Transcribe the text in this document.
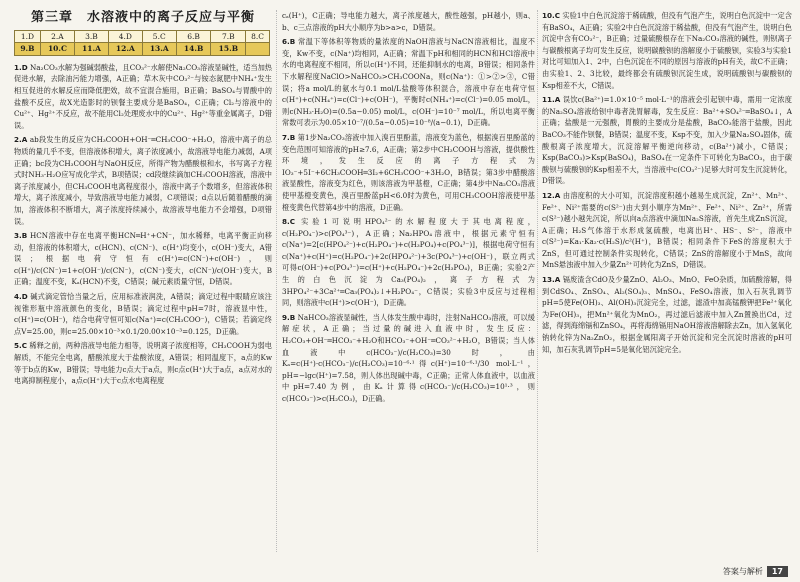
第三章　水溶液中的离子反应与平衡
1.D	2.A	3.B	4.D	5.C	6.B	7.B	8.C
9.B	10.C	11.A	12.A	13.A	14.B	15.B	
1.D Na₂CO₃水解为强碱弱酸盐，且CO₃²⁻水解使Na₂CO₃溶液显碱性，适当加热促进水解，去除油污能力增强，A正确；草木灰中CO₃²⁻与铵态氮肥中NH₄⁺发生相互促进的水解反应而降低肥效，故不宜混合施用，B正确；BaSO₄与胃酸中的盐酸不反应，故X光造影时的钡餐主要成分是BaSO₄，C正确；Cl₂与溶液中的Cu²⁺、Hg²⁺不反应，故不能用Cl₂处理废水中的Cu²⁺、Hg²⁺等重金属离子，D错误。
2.A ab段发生的反应为CH₃COOH+OH⁻═CH₃COO⁻+H₂O，溶液中离子的总物质的量几乎不变，但溶液体积增大，离子浓度减小，故溶液导电能力减弱，A项正确；bc段为CH₃COOH与NaOH反应，所得产物为醋酸根和水，书写离子方程式时NH₃·H₂O应写成化学式，B项错误；cd段继续滴加CH₃COOH溶液，溶液中离子浓度减小，但CH₃COOH电离程度很小，溶液中离子个数增多，但溶液体积增大，离子浓度减小，导致溶液导电能力减弱，C项错误；d点以后随着醋酸的滴加，溶液体积不断增大，离子浓度持续减小，故溶液导电能力不会增强，D项错误。
3.B HCN溶液中存在电离平衡HCN═H⁺+CN⁻，加水稀释，电离平衡正向移动，但溶液的体积增大，c(HCN)、c(CN⁻)、c(H⁺)均变小，c(OH⁻)变大，A错误；根据电荷守恒有c(H⁺)=c(CN⁻)+c(OH⁻)，则c(H⁺)/c(CN⁻)=1+c(OH⁻)/c(CN⁻)，c(CN⁻)变大，c(CN⁻)/c(OH⁻)变大，B正确；温度不变，Kₐ(HCN)不变，C错误；碱元素质量守恒，D错误。
4.D 碱式滴定管恰当量之后，应用标准液润洗，A错误；滴定过程中眼睛应该注视锥形瓶中溶液颜色的变化，B错误；滴定过程中pH=7时，溶液显中性，c(H⁺)=c(OH⁻)，结合电荷守恒可知c(Na⁺)=c(CH₃COO⁻)，C错误；若滴定终点V=25.00，则c=25.00×10⁻³×0.1/20.00×10⁻³=0.125，D正确。
5.C 稀释之前，两种溶液导电能力相等，说明离子浓度相等，CH₃COOH为弱电解质，不能完全电离，醋酸浓度大于盐酸浓度，A错误；相同温度下，a点的Kw等于b点的Kw，B错误；导电能力c点大于a点，则c点c(H⁺)大于a点，a点对水的电离抑制程度小，a点c(H⁺)大于c点水电离程度
cₐ(H⁺)，C正确；导电能力越大，离子浓度越大，酸性越强，pH越小，则a、b、c三点溶液的pH大小顺序为b>a>c，D错误。
6.B 常温下等体积等物质的量浓度的NaOH溶液与NaCN溶液相比，温度不变，Kw不变，c(Na⁺)均相同，A正确；常温下pH和相同的HCN和HCl溶液中水的电离程度不相同，所以c(H⁺)不同，还能抑制水的电离，B错误；相同条件下水解程度NaClO>NaHCO₃>CH₃COONa，则c(Na⁺)：①>②>③，C错误；将a mol/L的氨水与0.1 mol/L盐酸等体积混合，溶液中存在电荷守恒c(H⁺)+c(NH₄⁺)=c(Cl⁻)+c(OH⁻)，平衡时c(NH₄⁺)=c(Cl⁻)=0.05 mol/L，则c(NH₃·H₂O)=(0.5a−0.05) mol/L，c(OH⁻)=10⁻⁷ mol/L，所以电离平衡常数可表示为0.05×10⁻⁷/(0.5a−0.05)=10⁻⁸/(a−0.1)，D正确。
7.B 第1步Na₂CO₃溶液中加入溴百里酚蓝，溶液变为蓝色，根据溴百里酚蓝的变色范围可知溶液的pH≥7.6，A正确；第2步中CH₃COOH与溶液，提供酸性环境，发生反应的离子方程式为IO₃⁻+5I⁻+6CH₃COOH═3I₂+6CH₃COO⁻+3H₂O，B错误；第3步中醋酸溶液显酸性，溶液变为红色，则该溶液为甲基橙，C正确；第4步中Na₂CO₃溶液使甲基橙变黄色，溴百里酚蓝pH<6.0时为黄色，可用CH₃COOH溶液使甲基橙变黄色代替第4步中的溶液，D正确。
8.C 实验1可说明HPO₄²⁻的水解程度大于其电离程度，c(H₂PO₄⁻)>c(PO₄³⁻)，A正确；Na₂HPO₄溶液中，根据元素守恒有c(Na⁺)=2[c(HPO₄²⁻)+c(H₂PO₄⁻)+c(H₃PO₄)+c(PO₄³⁻)]，根据电荷守恒有c(Na⁺)+c(H⁺)=c(H₂PO₄⁻)+2c(HPO₄²⁻)+3c(PO₄³⁻)+c(OH⁻)，联立两式可得c(OH⁻)+c(PO₄³⁻)=c(H⁺)+c(H₂PO₄⁻)+2c(H₃PO₄)，B正确；实验2产生的白色沉淀为Ca₃(PO₄)₂，离子方程式为3HPO₄²⁻+3Ca²⁺═Ca₃(PO₄)₂↓+H₂PO₄⁻，C错误；实验3中反应与过程相同，则溶液中c(H⁺)>c(OH⁻)，D正确。
9.B NaHCO₃溶液显碱性，当人体发生酸中毒时，注射NaHCO₃溶液，可以缓解症状，A正确；当过量的碱进入血液中时，发生反应：H₂CO₃+OH⁻═HCO₃⁻+H₂O和HCO₃⁻+OH⁻═CO₃²⁻+H₂O，B错误；当人体血液中c(HCO₃⁻)/c(H₂CO₃)=30时，由Kₐ=c(H⁺)·c(HCO₃⁻)/c(H₂CO₃)=10⁻⁶·¹得c(H⁺)=10⁻⁶·¹/30 mol·L⁻¹，pH=−lgc(H⁺)=7.58，则人体出现碱中毒，C正确；正常人体血液中，以血液中pH=7.40为例，由Kₐ计算得c(HCO₃⁻)/c(H₂CO₃)=10¹·³，则c(HCO₃⁻)>c(H₂CO₃)，D正确。
10.C 实验1中白色沉淀溶于稀硫酸，但没有气泡产生，说明白色沉淀中一定含有BaSO₄，A正确；实验2中白色沉淀溶于稀盐酸，但没有气泡产生，说明白色沉淀中含有CO₃²⁻，B正确；过量硫酸根存在下Na₂CO₃溶液的碱性，则钡离子与碳酸根离子均可发生反应，说明碳酸钡的溶解度小于硫酸钡，实验3与实验1对比可知加入1、2中，白色沉淀在不同的原因与溶液的pH有关，故C不正确；由实验1、2、3比较，最终都会有硫酸钡沉淀生成，说明硫酸钡与碳酸钡的Ksp相差不大，C错误。
11.A 误饮c(Ba²⁺)=1.0×10⁻⁵ mol·L⁻¹的溶液会引起钡中毒，需用一定浓度的Na₂SO₄溶液给钡中毒者洗胃解毒，发生反应：Ba²⁺+SO₄²⁻═BaSO₄↓，A正确；盐酸是一元强酸，胃酸的主要成分是盐酸，BaCO₃能溶于盐酸，因此BaCO₃不能作钡餐，B错误；温度不变，Ksp不变，加入少量Na₂SO₄固体，硫酸根离子浓度增大，沉淀溶解平衡逆向移动，c(Ba²⁺)减小，C错误；Ksp(BaCO₃)>Ksp(BaSO₄)，BaSO₄在一定条件下可转化为BaCO₃，由于碳酸钡与硫酸钡的Ksp相差不大，当溶液中c(CO₃²⁻)足够大时可发生沉淀转化，D错误。
12.A 由溶度积的大小可知，沉淀溶度积越小越易生成沉淀，Zn²⁺、Mn²⁺、Fe²⁺、Ni²⁺需要的c(S²⁻)由大到小顺序为Mn²⁺、Fe²⁺、Ni²⁺、Zn²⁺，所需c(S²⁻)越小越先沉淀，所以向a点溶液中滴加Na₂S溶液，首先生成ZnS沉淀，A正确；H₂S气体溶于水形成氢硫酸，电离出H⁺、HS⁻、S²⁻，溶液中c(S²⁻)=Ka₁·Ka₂·c(H₂S)/c²(H⁺)，B错误；相同条件下FeS的溶度积大于ZnS，但可通过控制条件实现转化，C错误；ZnS的溶解度小于MnS，故向MnS悬浊液中加入少量Zn²⁺可转化为ZnS，D错误。
13.A 镉废渣含CdO及少量ZnO、Al₂O₃、MnO、FeO杂质，加硫酸溶解，得到CdSO₄、ZnSO₄、Al₂(SO₄)₃、MnSO₄、FeSO₄溶液，加入石灰乳调节pH=5使Fe(OH)₃、Al(OH)₃沉淀完全，过滤，滤渣中加高锰酸钾把Fe²⁺氧化为Fe(OH)₃，把Mn²⁺氧化为MnO₂，再过滤后滤液中加入Zn置换出Cd，过滤，得到海绵镉和ZnSO₄，再将海绵镉用NaOH溶液溶解除去Zn，加入氢氧化钠转化锌为Na₂ZnO₂，根据金属阳离子开始沉淀和完全沉淀时溶液的pH可知，加石灰乳调节pH=5是氧化铝沉淀完全。
答案与解析	17
